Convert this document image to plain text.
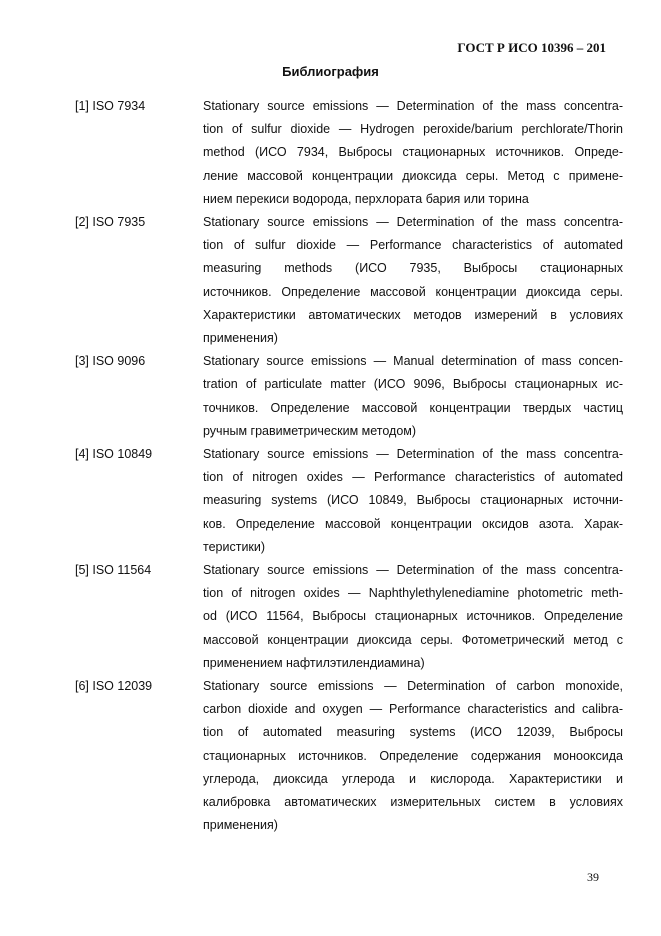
ГОСТ Р ИСО 10396 – 201
Библиография
[1] ISO 7934	Stationary source emissions — Determination of the mass concentra-
tion of sulfur dioxide — Hydrogen peroxide/barium perchlorate/Thorin
method (ИСО 7934, Выбросы стационарных источников. Опреде-
ление массовой концентрации диоксида серы. Метод с примене-
нием перекиси водорода, перхлората бария или торина
[2] ISO 7935	Stationary source emissions — Determination of the mass concentra-
tion of sulfur dioxide — Performance characteristics of automated
measuring methods (ИСО 7935, Выбросы стационарных
источников. Определение массовой концентрации диоксида серы.
Характеристики автоматических методов измерений в условиях
применения)
[3] ISO 9096	Stationary source emissions — Manual determination of mass concen-
tration of particulate matter (ИСО 9096, Выбросы стационарных ис-
точников. Определение массовой концентрации твердых частиц
ручным гравиметрическим методом)
[4] ISO 10849	Stationary source emissions — Determination of the mass concentra-
tion of nitrogen oxides — Performance characteristics of automated
measuring systems (ИСО 10849, Выбросы стационарных источни-
ков. Определение массовой концентрации оксидов азота. Харак-
теристики)
[5] ISO 11564	Stationary source emissions — Determination of the mass concentra-
tion of nitrogen oxides — Naphthylethylenediamine photometric meth-
od (ИСО 11564, Выбросы стационарных источников. Определение
массовой концентрации диоксида серы. Фотометрический метод с
применением нафтилэтилендиамина)
[6] ISO 12039	Stationary source emissions — Determination of carbon monoxide,
carbon dioxide and oxygen — Performance characteristics and calibra-
tion of automated measuring systems (ИСО 12039, Выбросы
стационарных источников. Определение содержания монооксида
углерода, диоксида углерода и кислорода. Характеристики и
калибровка автоматических измерительных систем в условиях
применения)
39
